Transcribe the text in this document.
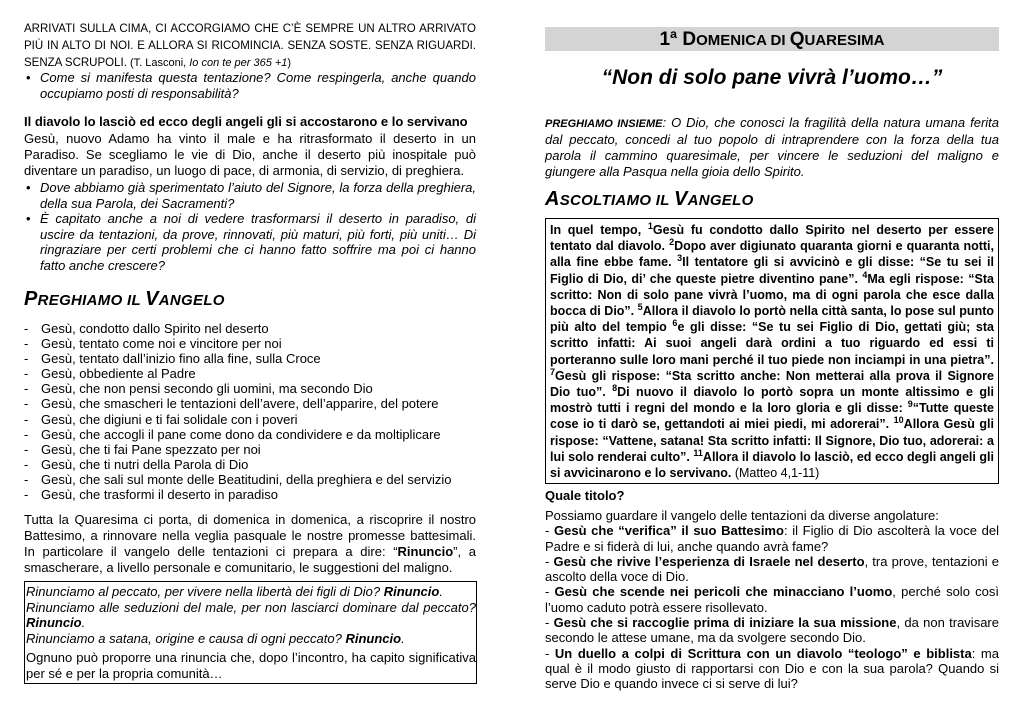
ARRIVATI SULLA CIMA, CI ACCORGIAMO CHE C’È SEMPRE UN ALTRO ARRIVATO PIÙ IN ALTO DI NOI. E ALLORA SI RICOMINCIA. SENZA SOSTE. SENZA RIGUARDI. SENZA SCRUPOLI. (T. Lasconi, Io con te per 365 +1)

• Come si manifesta questa tentazione? Come respingerla, anche quando occupiamo posti di responsabilità?

Il diavolo lo lasciò ed ecco degli angeli gli si accostarono e lo servivano

Gesù, nuovo Adamo ha vinto il male e ha ritrasformato il deserto in un Paradiso. Se scegliamo le vie di Dio, anche il deserto più inospitale può diventare un paradiso, un luogo di pace, di armonia, di servizio, di preghiera.

• Dove abbiamo già sperimentato l’aiuto del Signore, la forza della preghiera, della sua Parola, dei Sacramenti?

• È capitato anche a noi di vedere trasformarsi il deserto in paradiso, di uscire da tentazioni, da prove, rinnovati, più maturi, più forti, più uniti… Di ringraziare per certi problemi che ci hanno fatto soffrire ma poi ci hanno fatto anche crescere?

PREGHIAMO IL VANGELO
- Gesù, condotto dallo Spirito nel deserto
- Gesù, tentato come noi e vincitore per noi
- Gesù, tentato dall’inizio fino alla fine, sulla Croce
- Gesù, obbediente al Padre
- Gesù, che non pensi secondo gli uomini, ma secondo Dio
- Gesù, che smascheri le tentazioni dell’avere, dell’apparire, del potere
- Gesù, che digiuni e ti fai solidale con i poveri
- Gesù, che accogli il pane come dono da condividere e da moltiplicare
- Gesù, che ti fai Pane spezzato per noi
- Gesù, che ti nutri della Parola di Dio
- Gesù, che sali sul monte delle Beatitudini, della preghiera e del servizio
- Gesù, che trasformi il deserto in paradiso

Tutta la Quaresima ci porta, di domenica in domenica, a riscoprire il nostro Battesimo, a rinnovare nella veglia pasquale le nostre promesse battesimali. In particolare il vangelo delle tentazioni ci prepara a dire: “Rinuncio”, a smascherare, a livello personale e comunitario, le suggestioni del maligno.

Rinunciamo al peccato, per vivere nella libertà dei figli di Dio? Rinuncio.

Rinunciamo alle seduzioni del male, per non lasciarci dominare dal peccato? Rinuncio.

Rinunciamo a satana, origine e causa di ogni peccato? Rinuncio.

Ognuno può proporre una rinuncia che, dopo l’incontro, ha capito significativa per sé e per la propria comunità…

1ª DOMENICA DI QUARESIMA
“Non di solo pane vivrà l’uomo…”

PREGHIAMO INSIEME: O Dio, che conosci la fragilità della natura umana ferita dal peccato, concedi al tuo popolo di intraprendere con la forza della tua parola il cammino quaresimale, per vincere le seduzioni del maligno e giungere alla Pasqua nella gioia dello Spirito.

ASCOLTIAMO IL VANGELO
In quel tempo, $^1$Gesù fu condotto dallo Spirito nel deserto per essere tentato dal diavolo. $^2$Dopo aver digiunato quaranta giorni e quaranta notti, alla fine ebbe fame. $^3$Il tentatore gli si avvicinò e gli disse: “Se tu sei il Figlio di Dio, di’ che queste pietre diventino pane”. $^4$Ma egli rispose: “Sta scritto: Non di solo pane vivrà l’uomo, ma di ogni parola che esce dalla bocca di Dio”. $^5$Allora il diavolo lo portò nella città santa, lo pose sul punto più alto del tempio $^6$e gli disse: “Se tu sei Figlio di Dio, gettati giù; sta scritto infatti: Ai suoi angeli darà ordini a tuo riguardo ed essi ti porteranno sulle loro mani perché il tuo piede non inciampi in una pietra”. $^7$Gesù gli rispose: “Sta scritto anche: Non metterai alla prova il Signore Dio tuo”. $^8$Di nuovo il diavolo lo portò sopra un monte altissimo e gli mostrò tutti i regni del mondo e la loro gloria e gli disse: $^9$“Tutte queste cose io ti darò se, gettandoti ai miei piedi, mi adorerai”. $^{10}$Allora Gesù gli rispose: “Vattene, satana! Sta scritto infatti: Il Signore, Dio tuo, adorerai: a lui solo renderai culto”. $^{11}$Allora il diavolo lo lasciò, ed ecco degli angeli gli si avvicinarono e lo servivano. (Matteo 4,1-11)

Quale titolo?

Possiamo guardare il vangelo delle tentazioni da diverse angolature:

- Gesù che “verifica” il suo Battesimo: il Figlio di Dio ascolterà la voce del Padre e si fiderà di lui, anche quando avrà fame?

- Gesù che rivive l’esperienza di Israele nel deserto, tra prove, tentazioni e ascolto della voce di Dio.

- Gesù che scende nei pericoli che minacciano l’uomo, perché solo così l’uomo caduto potrà essere risollevato.

- Gesù che si raccoglie prima di iniziare la sua missione, da non travisare secondo le attese umane, ma da svolgere secondo Dio.

- Un duello a colpi di Scrittura con un diavolo “teologo” e biblista: ma qual è il modo giusto di rapportarsi con Dio e con la sua parola? Quando si serve Dio e quando invece ci si serve di lui?
